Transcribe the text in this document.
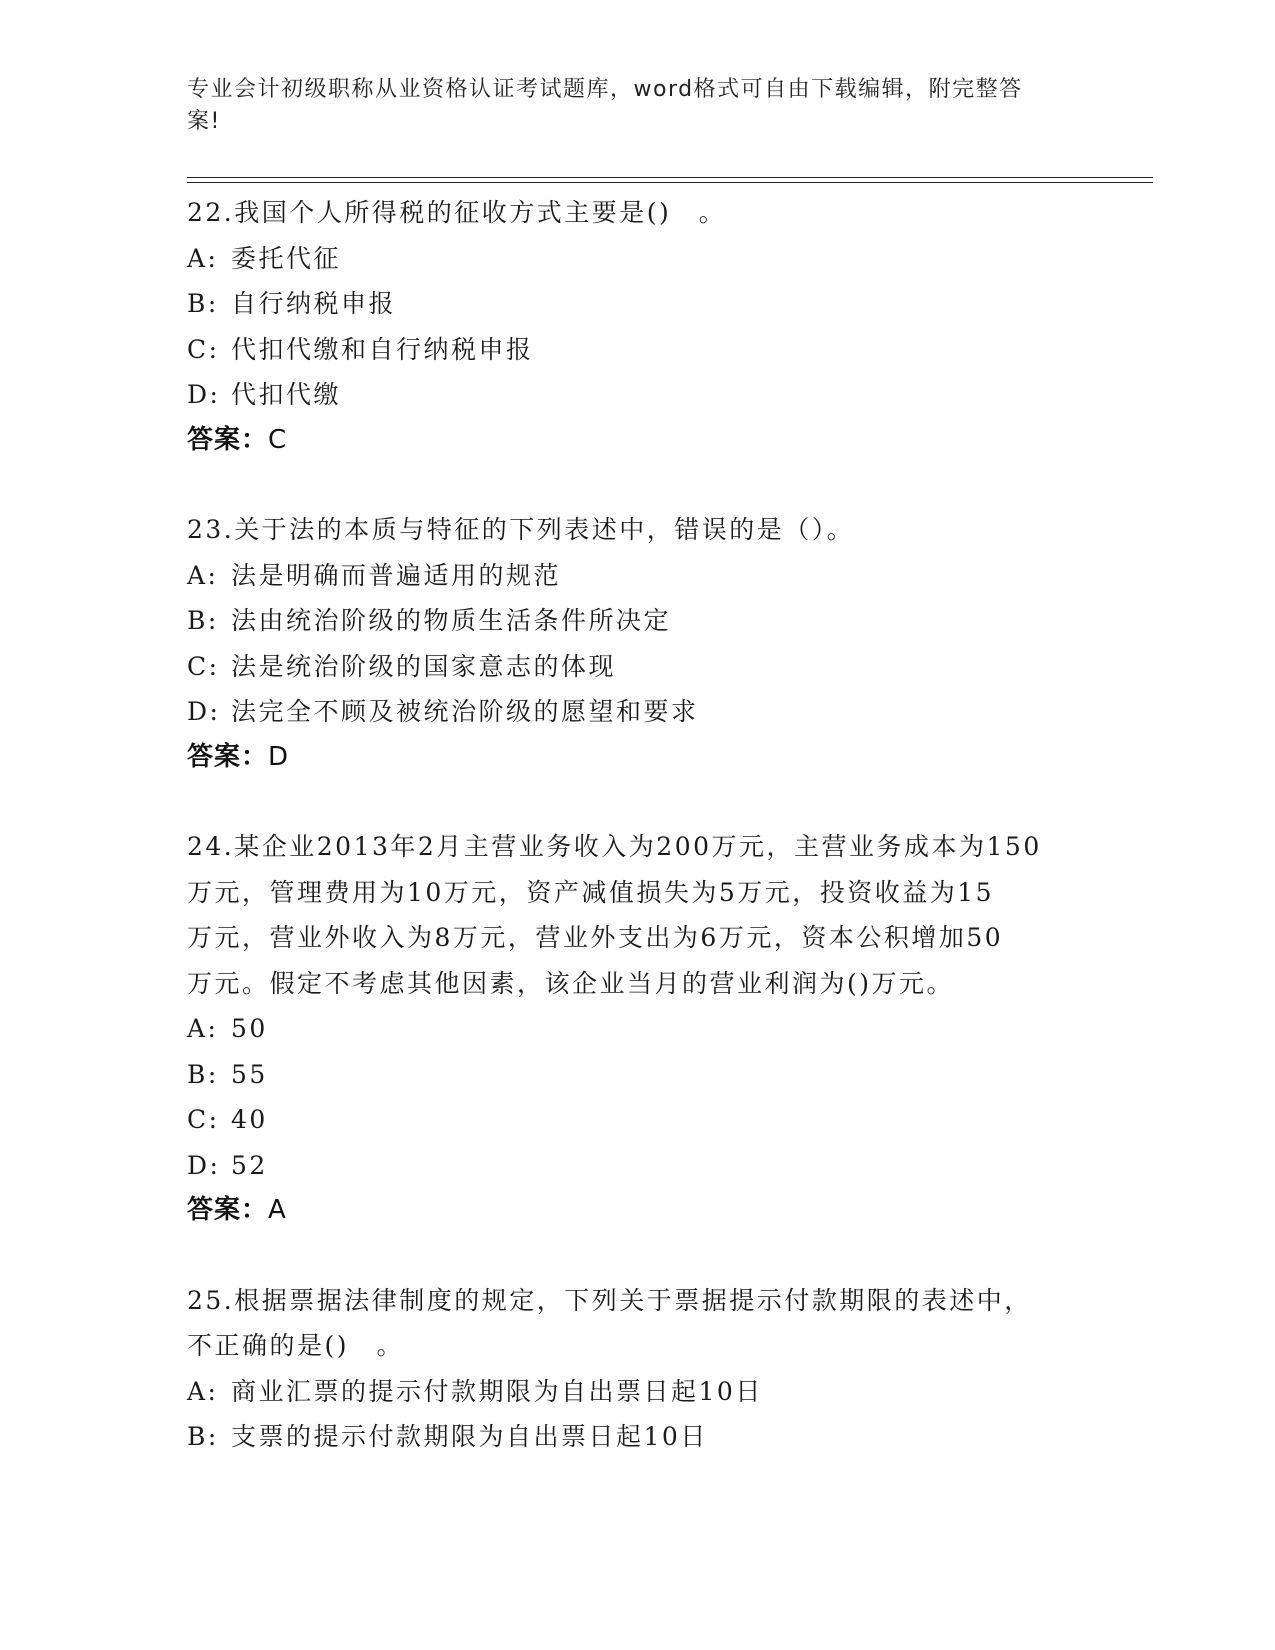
专业会计初级职称从业资格认证考试题库，word格式可自由下载编辑，附完整答
案!
22.我国个人所得税的征收方式主要是()　。
A: 委托代征
B: 自行纳税申报
C: 代扣代缴和自行纳税申报
D: 代扣代缴
答案：C
23.关于法的本质与特征的下列表述中，错误的是（）。
A: 法是明确而普遍适用的规范
B: 法由统治阶级的物质生活条件所决定
C: 法是统治阶级的国家意志的体现
D: 法完全不顾及被统治阶级的愿望和要求
答案：D
24.某企业2013年2月主营业务收入为200万元，主营业务成本为150
万元，管理费用为10万元，资产减值损失为5万元，投资收益为15
万元，营业外收入为8万元，营业外支出为6万元，资本公积增加50
万元。假定不考虑其他因素，该企业当月的营业利润为()万元。
A: 50
B: 55
C: 40
D: 52
答案：A
25.根据票据法律制度的规定，下列关于票据提示付款期限的表述中，
不正确的是()　。
A: 商业汇票的提示付款期限为自出票日起10日
B: 支票的提示付款期限为自出票日起10日
